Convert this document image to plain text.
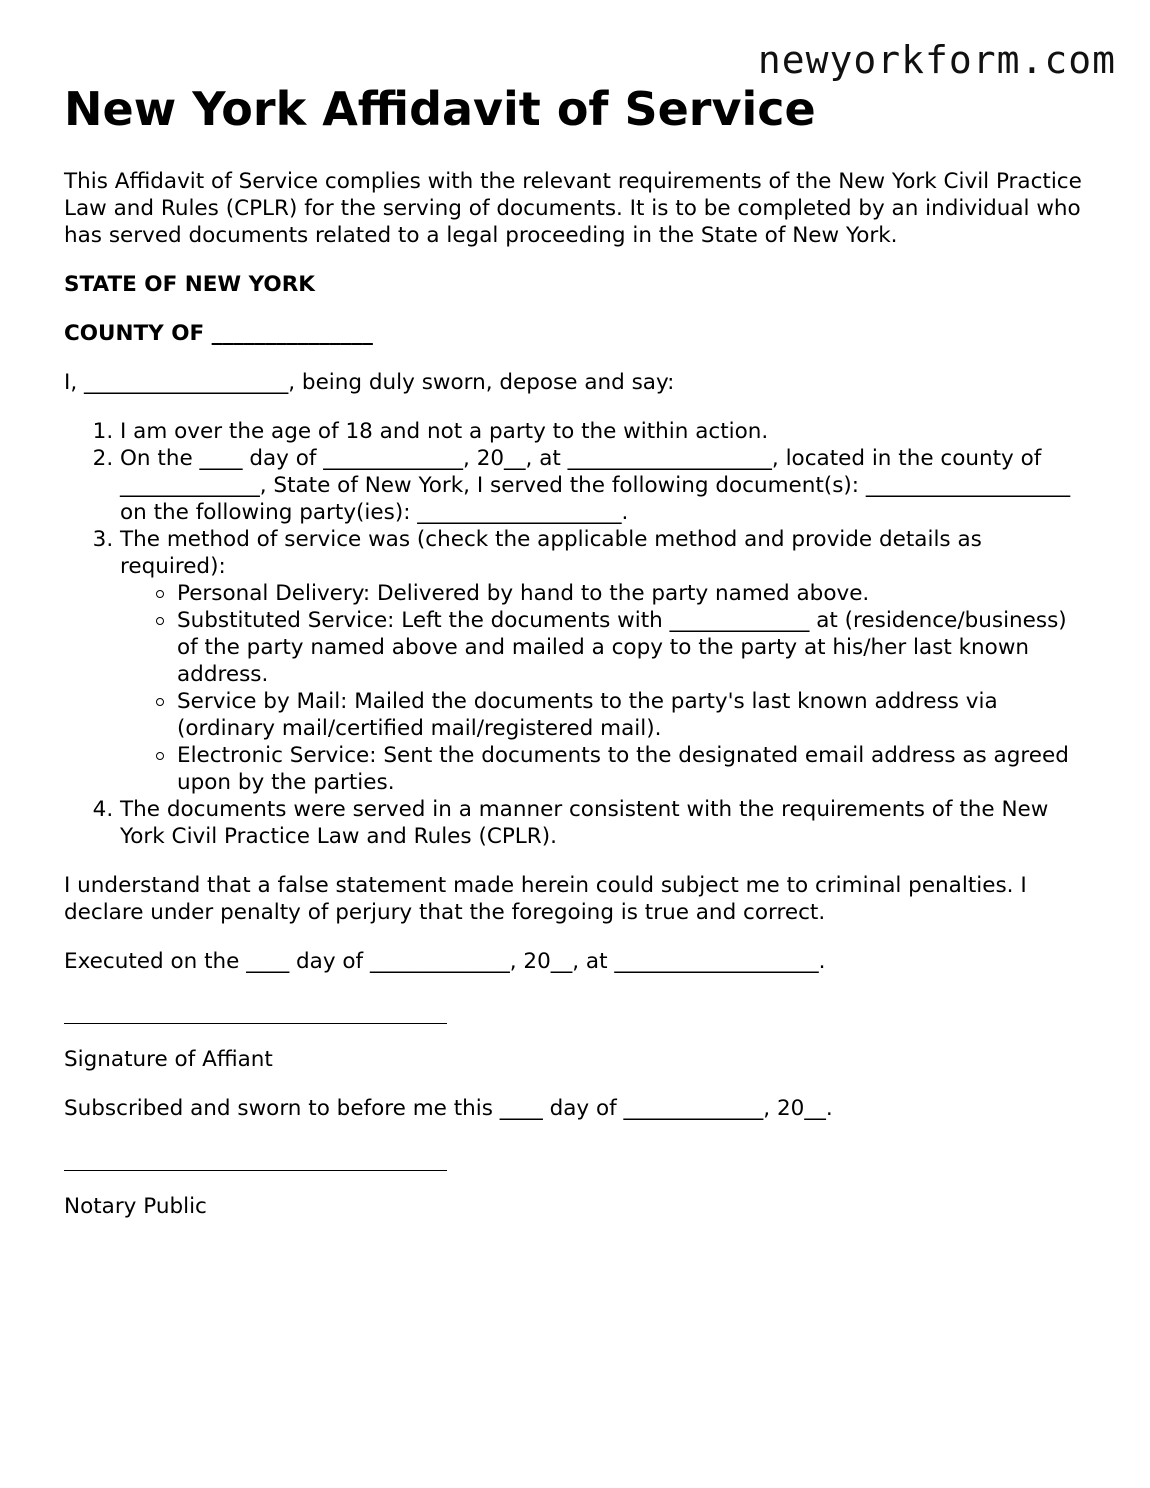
newyorkform.com
New York Affidavit of Service

This Affidavit of Service complies with the relevant requirements of the New York Civil Practice Law and Rules (CPLR) for the serving of documents. It is to be completed by an individual who has served documents related to a legal proceeding in the State of New York.

STATE OF NEW YORK

COUNTY OF _______________

I, ___________________, being duly sworn, depose and say:

1. I am over the age of 18 and not a party to the within action.
2. On the ____ day of _____________, 20__, at ___________________, located in the county of _____________, State of New York, I served the following document(s): ___________________ on the following party(ies): ___________________.
3. The method of service was (check the applicable method and provide details as required):
Personal Delivery: Delivered by hand to the party named above.
Substituted Service: Left the documents with _____________ at (residence/business) of the party named above and mailed a copy to the party at his/her last known address.
Service by Mail: Mailed the documents to the party's last known address via (ordinary mail/certified mail/registered mail).
Electronic Service: Sent the documents to the designated email address as agreed upon by the parties.
4. The documents were served in a manner consistent with the requirements of the New York Civil Practice Law and Rules (CPLR).

I understand that a false statement made herein could subject me to criminal penalties. I declare under penalty of perjury that the foregoing is true and correct.

Executed on the ____ day of _____________, 20__, at ___________________.

Signature of Affiant

Subscribed and sworn to before me this ____ day of _____________, 20__.

Notary Public
